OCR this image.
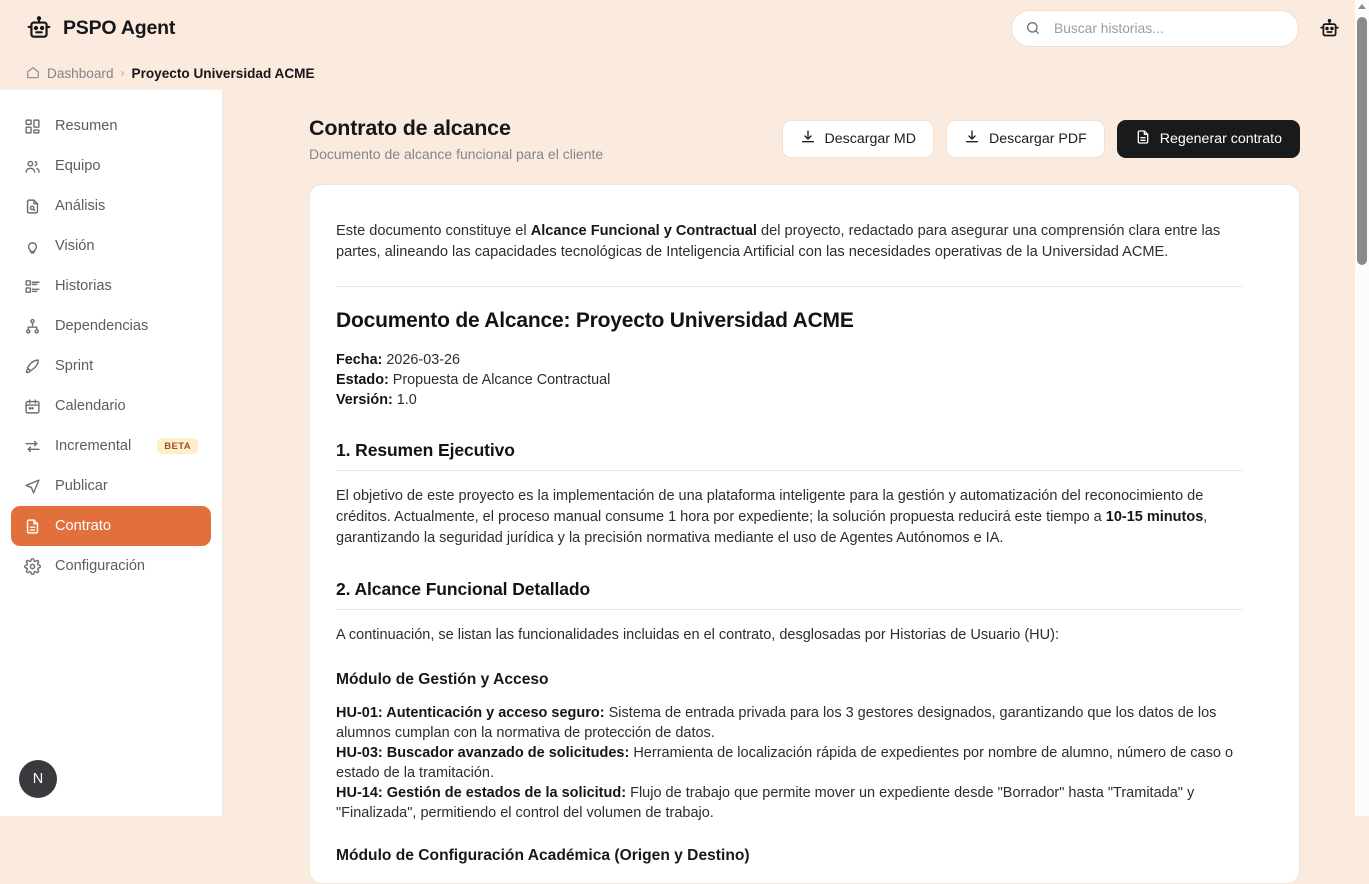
PSPO Agent
Buscar historias...
Dashboard › Proyecto Universidad ACME
Resumen
Equipo
Análisis
Visión
Historias
Dependencias
Sprint
Calendario
Incremental	BETA
Publicar
Contrato
Configuración
N
Contrato de alcance
Documento de alcance funcional para el cliente
Descargar MD	Descargar PDF	Regenerar contrato

Este documento constituye el Alcance Funcional y Contractual del proyecto, redactado para asegurar una comprensión clara entre las partes, alineando las capacidades tecnológicas de Inteligencia Artificial con las necesidades operativas de la Universidad ACME.

Documento de Alcance: Proyecto Universidad ACME
Fecha: 2026-03-26
Estado: Propuesta de Alcance Contractual
Versión: 1.0
1. Resumen Ejecutivo

El objetivo de este proyecto es la implementación de una plataforma inteligente para la gestión y automatización del reconocimiento de créditos. Actualmente, el proceso manual consume 1 hora por expediente; la solución propuesta reducirá este tiempo a 10-15 minutos, garantizando la seguridad jurídica y la precisión normativa mediante el uso de Agentes Autónomos e IA.

2. Alcance Funcional Detallado

A continuación, se listan las funcionalidades incluidas en el contrato, desglosadas por Historias de Usuario (HU):

Módulo de Gestión y Acceso
HU-01: Autenticación y acceso seguro: Sistema de entrada privada para los 3 gestores designados, garantizando que los datos de los alumnos cumplan con la normativa de protección de datos.
HU-03: Buscador avanzado de solicitudes: Herramienta de localización rápida de expedientes por nombre de alumno, número de caso o estado de la tramitación.
HU-14: Gestión de estados de la solicitud: Flujo de trabajo que permite mover un expediente desde "Borrador" hasta "Tramitada" y "Finalizada", permitiendo el control del volumen de trabajo.
Módulo de Configuración Académica (Origen y Destino)
